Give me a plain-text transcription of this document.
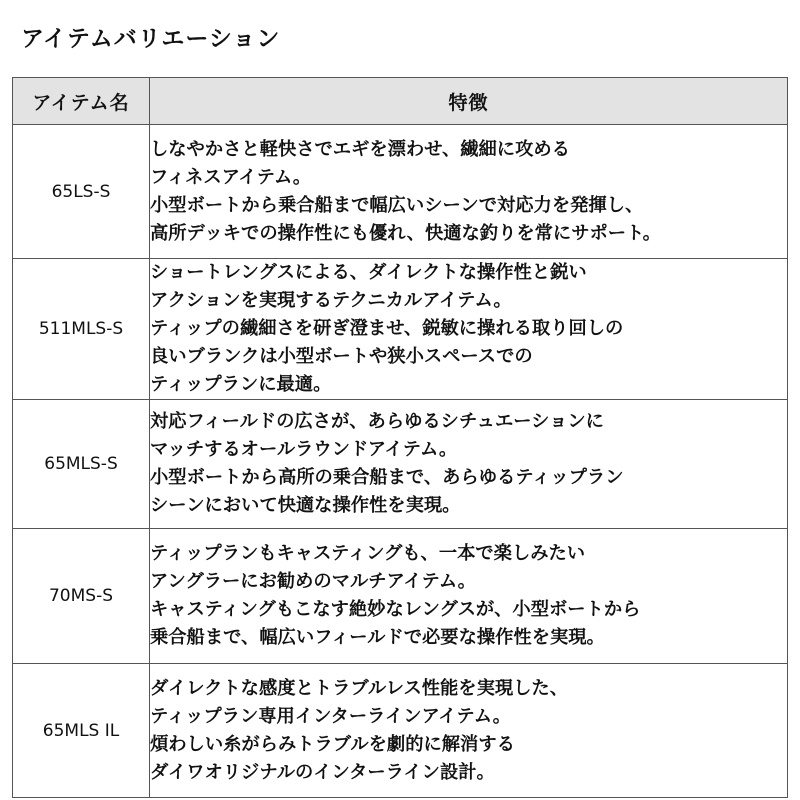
アイテムバリエーション
アイテム名	特徴
65LS-S	しなやかさと軽快さでエギを漂わせ、繊細に攻める
フィネスアイテム。
小型ボートから乗合船まで幅広いシーンで対応力を発揮し、
高所デッキでの操作性にも優れ、快適な釣りを常にサポート。

511MLS-S	ショートレングスによる、ダイレクトな操作性と鋭い
アクションを実現するテクニカルアイテム。
ティップの繊細さを研ぎ澄ませ、鋭敏に操れる取り回しの
良いブランクは小型ボートや狭小スペースでの
ティップランに最適。

65MLS-S	対応フィールドの広さが、あらゆるシチュエーションに
マッチするオールラウンドアイテム。
小型ボートから高所の乗合船まで、あらゆるティップラン
シーンにおいて快適な操作性を実現。

70MS-S	ティップランもキャスティングも、一本で楽しみたい
アングラーにお勧めのマルチアイテム。
キャスティングもこなす絶妙なレングスが、小型ボートから
乗合船まで、幅広いフィールドで必要な操作性を実現。

65MLS IL	ダイレクトな感度とトラブルレス性能を実現した、
ティップラン専用インターラインアイテム。
煩わしい糸がらみトラブルを劇的に解消する
ダイワオリジナルのインターライン設計。
